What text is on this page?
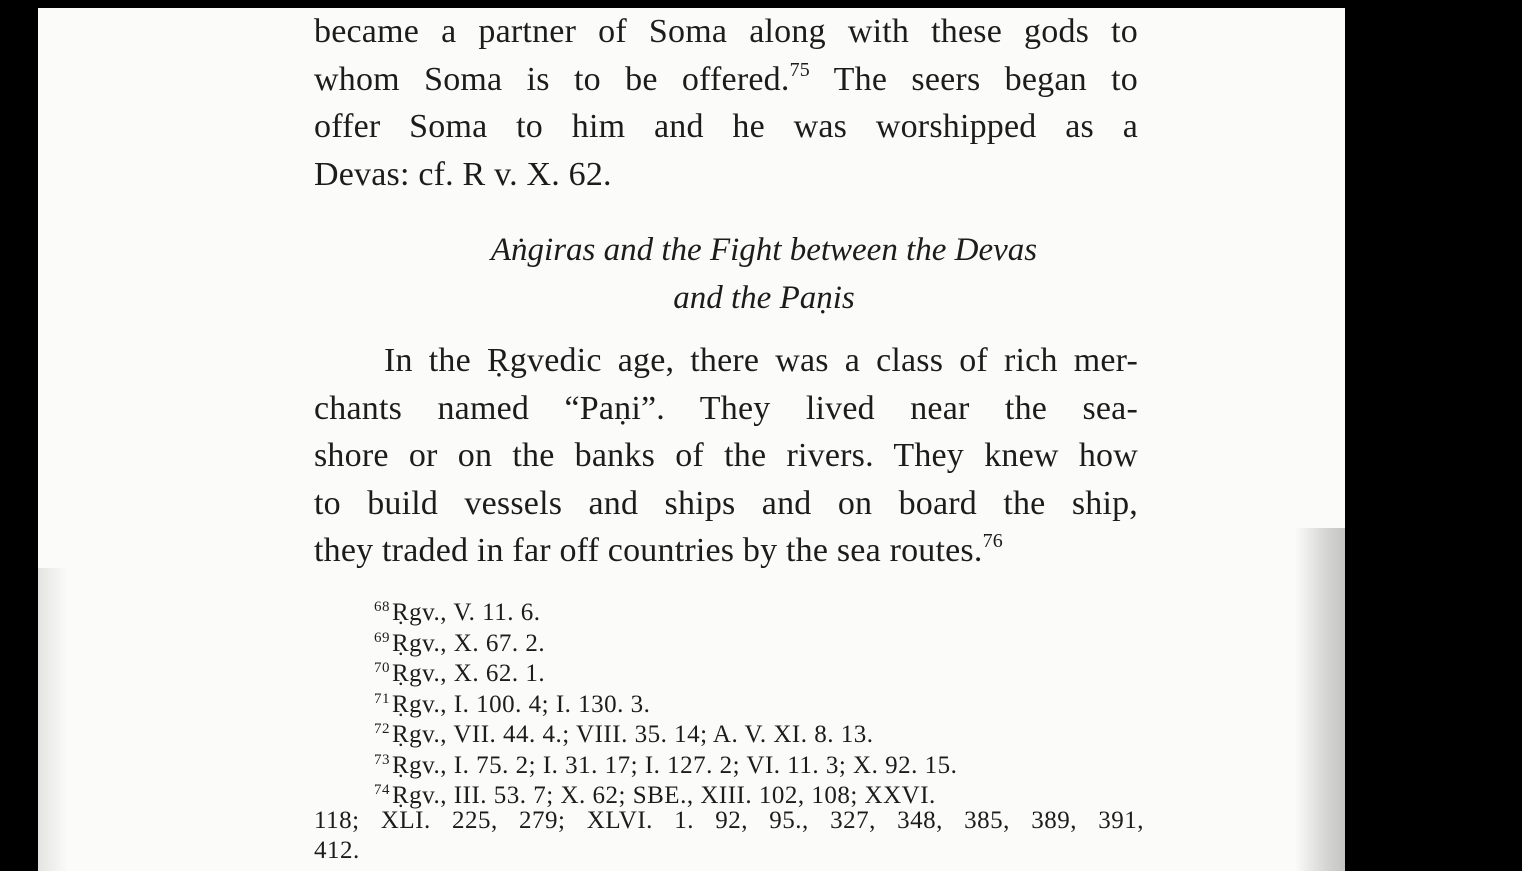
became a partner of Soma along with these gods to
whom Soma is to be offered.$^{75}$ The seers began to
offer Soma to him and he was worshipped as a
Devas: cf. R v. X. 62.
Aṅgiras and the Fight between the Devas
and the Paṇis
In the Ṛgvedic age, there was a class of rich mer-
chants named “Paṇi”. They lived near the sea-
shore or on the banks of the rivers. They knew how
to build vessels and ships and on board the ship,
they traded in far off countries by the sea routes.$^{76}$
$^{68}$Ṛgv., V. 11. 6.
$^{69}$Ṛgv., X. 67. 2.
$^{70}$Ṛgv., X. 62. 1.
$^{71}$Ṛgv., I. 100. 4; I. 130. 3.
$^{72}$Ṛgv., VII. 44. 4.; VIII. 35. 14; A. V. XI. 8. 13.
$^{73}$Ṛgv., I. 75. 2; I. 31. 17; I. 127. 2; VI. 11. 3; X. 92. 15.
$^{74}$Ṛgv., III. 53. 7; X. 62; SBE., XIII. 102, 108; XXVI.
118; XLI. 225, 279; XLVI. 1. 92, 95., 327, 348, 385, 389, 391,
412.
